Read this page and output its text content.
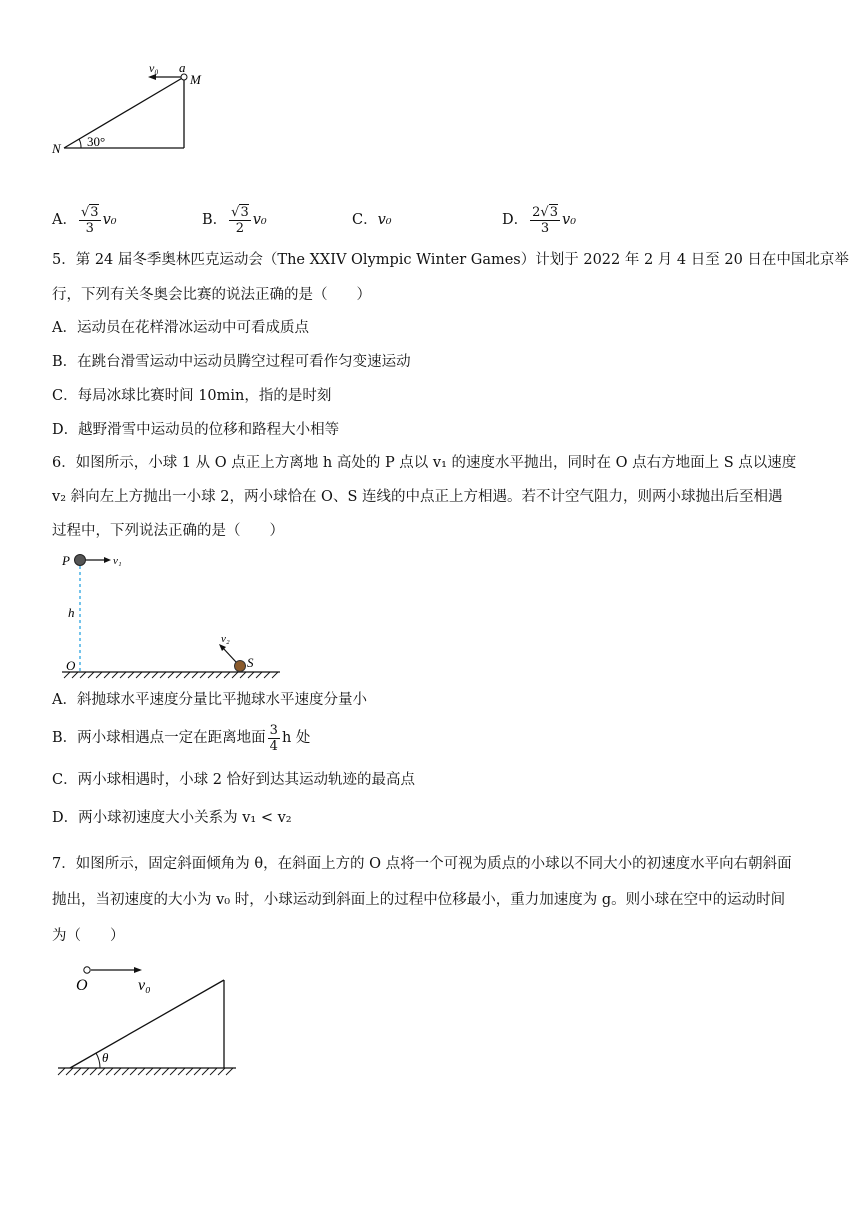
v₀ a
M
N 30°
A． $\frac{√3}{3} v_0$	B． $\frac{√3}{2} v_0$	C．v₀	D． $\frac{2√3}{3} v_0$
5．第 24 届冬季奥林匹克运动会（The XXIV Olympic Winter Games）计划于 2022 年 2 月 4 日至 20 日在中国北京举
行，下列有关冬奥会比赛的说法正确的是（　　）
A．运动员在花样滑冰运动中可看成质点
B．在跳台滑雪运动中运动员腾空过程可看作匀变速运动
C．每局冰球比赛时间 10min，指的是时刻
D．越野滑雪中运动员的位移和路程大小相等
6．如图所示，小球 1 从 O 点正上方离地 h 高处的 P 点以 v₁ 的速度水平抛出，同时在 O 点右方地面上 S 点以速度
v₂ 斜向左上方抛出一小球 2，两小球恰在 O、S 连线的中点正上方相遇。若不计空气阻力，则两小球抛出后至相遇
过程中，下列说法正确的是（　　）
P	v₁
h
v₂
O	S
A．斜抛球水平速度分量比平抛球水平速度分量小
B．两小球相遇点一定在距离地面 $\frac{3}{4}$ h 处
C．两小球相遇时，小球 2 恰好到达其运动轨迹的最高点
D．两小球初速度大小关系为 v₁ < v₂
7．如图所示，固定斜面倾角为 θ，在斜面上方的 O 点将一个可视为质点的小球以不同大小的初速度水平向右朝斜面
抛出，当初速度的大小为 v₀ 时，小球运动到斜面上的过程中位移最小，重力加速度为 g。则小球在空中的运动时间
为（　　）
O	v₀
θ
